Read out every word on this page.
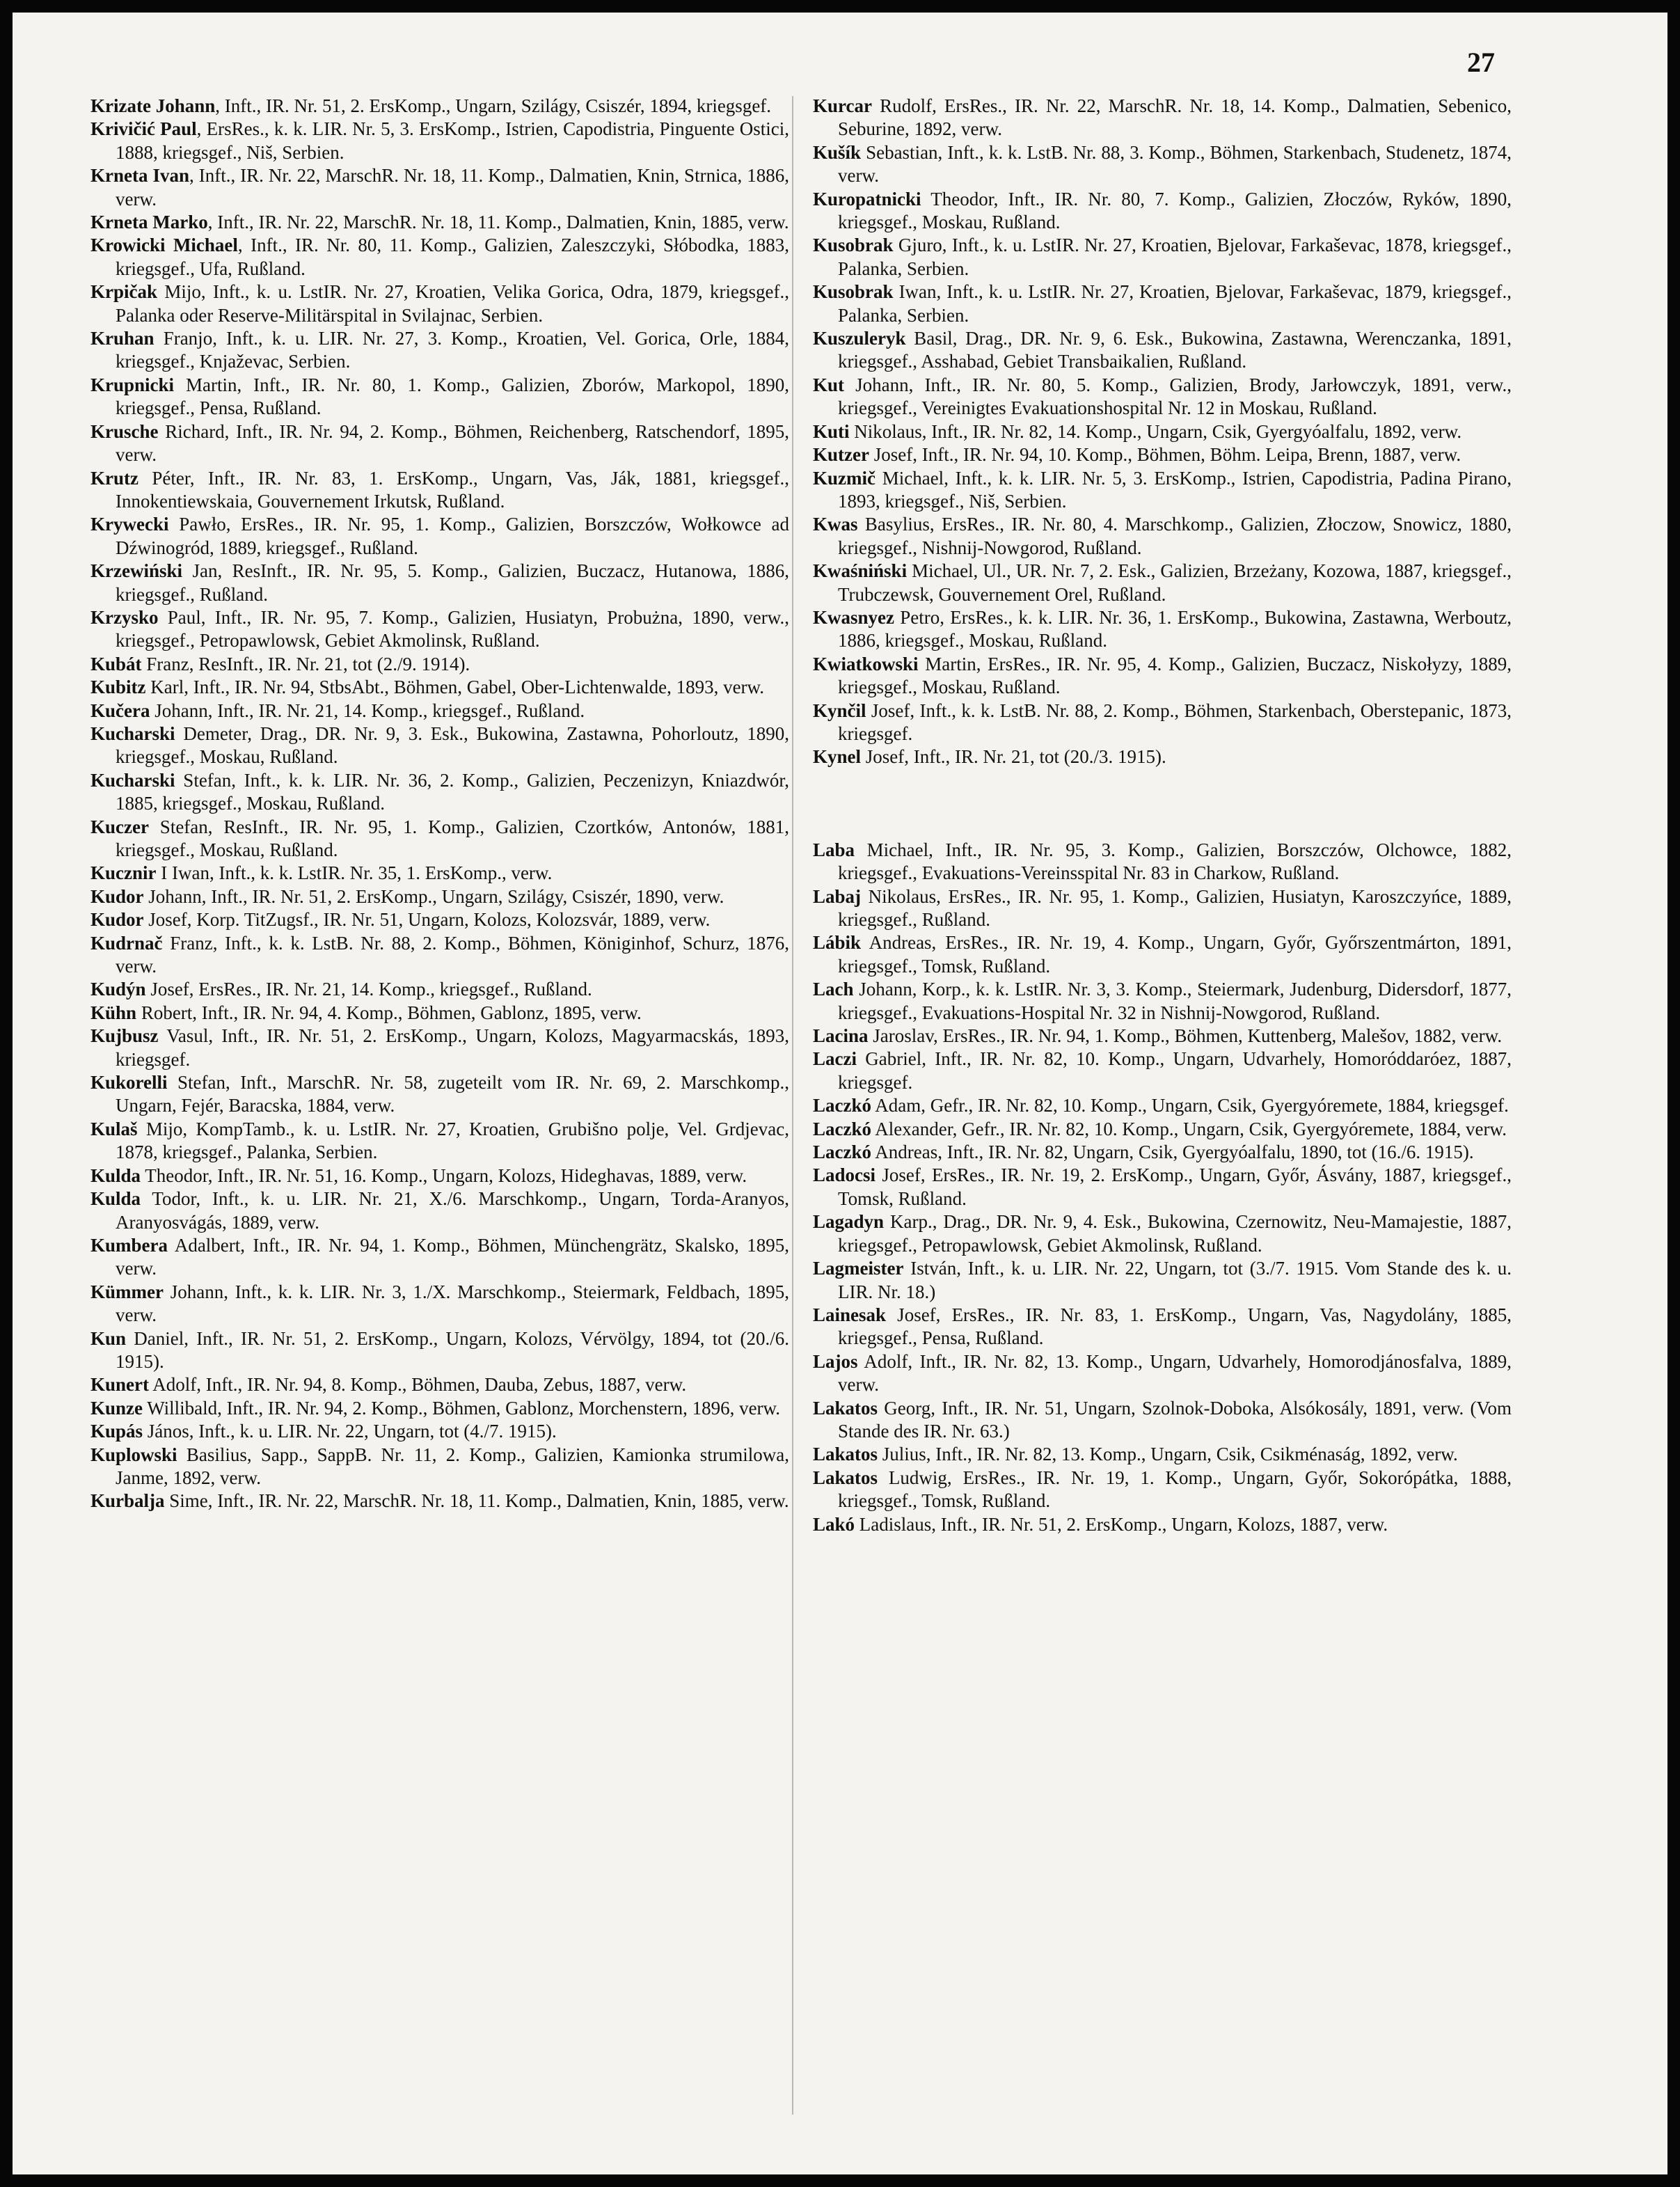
27

Krizate Johann, Inft., IR. Nr. 51, 2. ErsKomp., Ungarn, Szilágy, Csiszér, 1894, kriegsgef.

Krivičić Paul, ErsRes., k. k. LIR. Nr. 5, 3. ErsKomp., Istrien, Capodistria, Pinguente Ostici, 1888, kriegsgef., Niš, Serbien.

Krneta Ivan, Inft., IR. Nr. 22, MarschR. Nr. 18, 11. Komp., Dalmatien, Knin, Strnica, 1886, verw.

Krneta Marko, Inft., IR. Nr. 22, MarschR. Nr. 18, 11. Komp., Dalmatien, Knin, 1885, verw.

Krowicki Michael, Inft., IR. Nr. 80, 11. Komp., Galizien, Zaleszczyki, Słóbodka, 1883, kriegsgef., Ufa, Rußland.

Krpičak Mijo, Inft., k. u. LstIR. Nr. 27, Kroatien, Velika Gorica, Odra, 1879, kriegsgef., Palanka oder Reserve-Militärspital in Svilajnac, Serbien.

Kruhan Franjo, Inft., k. u. LIR. Nr. 27, 3. Komp., Kroatien, Vel. Gorica, Orle, 1884, kriegsgef., Knjaževac, Serbien.

Krupnicki Martin, Inft., IR. Nr. 80, 1. Komp., Galizien, Zborów, Markopol, 1890, kriegsgef., Pensa, Rußland.

Krusche Richard, Inft., IR. Nr. 94, 2. Komp., Böhmen, Reichenberg, Ratschendorf, 1895, verw.

Krutz Péter, Inft., IR. Nr. 83, 1. ErsKomp., Ungarn, Vas, Ják, 1881, kriegsgef., Innokentiewskaia, Gouvernement Irkutsk, Rußland.

Krywecki Pawło, ErsRes., IR. Nr. 95, 1. Komp., Galizien, Borszczów, Wołkowce ad Dźwinogród, 1889, kriegsgef., Rußland.

Krzewiński Jan, ResInft., IR. Nr. 95, 5. Komp., Galizien, Buczacz, Hutanowa, 1886, kriegsgef., Rußland.

Krzysko Paul, Inft., IR. Nr. 95, 7. Komp., Galizien, Husiatyn, Probużna, 1890, verw., kriegsgef., Petropawlowsk, Gebiet Akmolinsk, Rußland.

Kubát Franz, ResInft., IR. Nr. 21, tot (2./9. 1914).

Kubitz Karl, Inft., IR. Nr. 94, StbsAbt., Böhmen, Gabel, Ober-Lichtenwalde, 1893, verw.

Kučera Johann, Inft., IR. Nr. 21, 14. Komp., kriegsgef., Rußland.

Kucharski Demeter, Drag., DR. Nr. 9, 3. Esk., Bukowina, Zastawna, Pohorloutz, 1890, kriegsgef., Moskau, Rußland.

Kucharski Stefan, Inft., k. k. LIR. Nr. 36, 2. Komp., Galizien, Peczenizyn, Kniazdwór, 1885, kriegsgef., Moskau, Rußland.

Kuczer Stefan, ResInft., IR. Nr. 95, 1. Komp., Galizien, Czortków, Antonów, 1881, kriegsgef., Moskau, Rußland.

Kucznir I Iwan, Inft., k. k. LstIR. Nr. 35, 1. ErsKomp., verw.

Kudor Johann, Inft., IR. Nr. 51, 2. ErsKomp., Ungarn, Szilágy, Csiszér, 1890, verw.

Kudor Josef, Korp. TitZugsf., IR. Nr. 51, Ungarn, Kolozs, Kolozsvár, 1889, verw.

Kudrnač Franz, Inft., k. k. LstB. Nr. 88, 2. Komp., Böhmen, Königinhof, Schurz, 1876, verw.

Kudýn Josef, ErsRes., IR. Nr. 21, 14. Komp., kriegsgef., Rußland.

Kühn Robert, Inft., IR. Nr. 94, 4. Komp., Böhmen, Gablonz, 1895, verw.

Kujbusz Vasul, Inft., IR. Nr. 51, 2. ErsKomp., Ungarn, Kolozs, Magyarmacskás, 1893, kriegsgef.

Kukorelli Stefan, Inft., MarschR. Nr. 58, zugeteilt vom IR. Nr. 69, 2. Marschkomp., Ungarn, Fejér, Baracska, 1884, verw.

Kulaš Mijo, KompTamb., k. u. LstIR. Nr. 27, Kroatien, Grubišno polje, Vel. Grdjevac, 1878, kriegsgef., Palanka, Serbien.

Kulda Theodor, Inft., IR. Nr. 51, 16. Komp., Ungarn, Kolozs, Hideghavas, 1889, verw.

Kulda Todor, Inft., k. u. LIR. Nr. 21, X./6. Marschkomp., Ungarn, Torda-Aranyos, Aranyosvágás, 1889, verw.

Kumbera Adalbert, Inft., IR. Nr. 94, 1. Komp., Böhmen, Münchengrätz, Skalsko, 1895, verw.

Kümmer Johann, Inft., k. k. LIR. Nr. 3, 1./X. Marschkomp., Steiermark, Feldbach, 1895, verw.

Kun Daniel, Inft., IR. Nr. 51, 2. ErsKomp., Ungarn, Kolozs, Vérvölgy, 1894, tot (20./6. 1915).

Kunert Adolf, Inft., IR. Nr. 94, 8. Komp., Böhmen, Dauba, Zebus, 1887, verw.

Kunze Willibald, Inft., IR. Nr. 94, 2. Komp., Böhmen, Gablonz, Morchenstern, 1896, verw.

Kupás János, Inft., k. u. LIR. Nr. 22, Ungarn, tot (4./7. 1915).

Kuplowski Basilius, Sapp., SappB. Nr. 11, 2. Komp., Galizien, Kamionka strumilowa, Janme, 1892, verw.

Kurbalja Sime, Inft., IR. Nr. 22, MarschR. Nr. 18, 11. Komp., Dalmatien, Knin, 1885, verw.

Kurcar Rudolf, ErsRes., IR. Nr. 22, MarschR. Nr. 18, 14. Komp., Dalmatien, Sebenico, Seburine, 1892, verw.

Kušík Sebastian, Inft., k. k. LstB. Nr. 88, 3. Komp., Böhmen, Starkenbach, Studenetz, 1874, verw.

Kuropatnicki Theodor, Inft., IR. Nr. 80, 7. Komp., Galizien, Złoczów, Ryków, 1890, kriegsgef., Moskau, Rußland.

Kusobrak Gjuro, Inft., k. u. LstIR. Nr. 27, Kroatien, Bjelovar, Farkaševac, 1878, kriegsgef., Palanka, Serbien.

Kusobrak Iwan, Inft., k. u. LstIR. Nr. 27, Kroatien, Bjelovar, Farkaševac, 1879, kriegsgef., Palanka, Serbien.

Kuszuleryk Basil, Drag., DR. Nr. 9, 6. Esk., Bukowina, Zastawna, Werenczanka, 1891, kriegsgef., Asshabad, Gebiet Transbaikalien, Rußland.

Kut Johann, Inft., IR. Nr. 80, 5. Komp., Galizien, Brody, Jarłowczyk, 1891, verw., kriegsgef., Vereinigtes Evakuationshospital Nr. 12 in Moskau, Rußland.

Kuti Nikolaus, Inft., IR. Nr. 82, 14. Komp., Ungarn, Csik, Gyergyóalfalu, 1892, verw.

Kutzer Josef, Inft., IR. Nr. 94, 10. Komp., Böhmen, Böhm. Leipa, Brenn, 1887, verw.

Kuzmič Michael, Inft., k. k. LIR. Nr. 5, 3. ErsKomp., Istrien, Capodistria, Padina Pirano, 1893, kriegsgef., Niš, Serbien.

Kwas Basylius, ErsRes., IR. Nr. 80, 4. Marschkomp., Galizien, Złoczow, Snowicz, 1880, kriegsgef., Nishnij-Nowgorod, Rußland.

Kwaśniński Michael, Ul., UR. Nr. 7, 2. Esk., Galizien, Brzeżany, Kozowa, 1887, kriegsgef., Trubczewsk, Gouvernement Orel, Rußland.

Kwasnyez Petro, ErsRes., k. k. LIR. Nr. 36, 1. ErsKomp., Bukowina, Zastawna, Werboutz, 1886, kriegsgef., Moskau, Rußland.

Kwiatkowski Martin, ErsRes., IR. Nr. 95, 4. Komp., Galizien, Buczacz, Niskołyzy, 1889, kriegsgef., Moskau, Rußland.

Kynčil Josef, Inft., k. k. LstB. Nr. 88, 2. Komp., Böhmen, Starkenbach, Oberstepanic, 1873, kriegsgef.

Kynel Josef, Inft., IR. Nr. 21, tot (20./3. 1915).

Laba Michael, Inft., IR. Nr. 95, 3. Komp., Galizien, Borszczów, Olchowce, 1882, kriegsgef., Evakuations-Vereinsspital Nr. 83 in Charkow, Rußland.

Labaj Nikolaus, ErsRes., IR. Nr. 95, 1. Komp., Galizien, Husiatyn, Karoszczyńce, 1889, kriegsgef., Rußland.

Lábik Andreas, ErsRes., IR. Nr. 19, 4. Komp., Ungarn, Győr, Győrszentmárton, 1891, kriegsgef., Tomsk, Rußland.

Lach Johann, Korp., k. k. LstIR. Nr. 3, 3. Komp., Steiermark, Judenburg, Didersdorf, 1877, kriegsgef., Evakuations-Hospital Nr. 32 in Nishnij-Nowgorod, Rußland.

Lacina Jaroslav, ErsRes., IR. Nr. 94, 1. Komp., Böhmen, Kuttenberg, Malešov, 1882, verw.

Laczi Gabriel, Inft., IR. Nr. 82, 10. Komp., Ungarn, Udvarhely, Homoróddaróez, 1887, kriegsgef.

Laczkó Adam, Gefr., IR. Nr. 82, 10. Komp., Ungarn, Csik, Gyergyóremete, 1884, kriegsgef.

Laczkó Alexander, Gefr., IR. Nr. 82, 10. Komp., Ungarn, Csik, Gyergyóremete, 1884, verw.

Laczkó Andreas, Inft., IR. Nr. 82, Ungarn, Csik, Gyergyóalfalu, 1890, tot (16./6. 1915).

Ladocsi Josef, ErsRes., IR. Nr. 19, 2. ErsKomp., Ungarn, Győr, Ásvány, 1887, kriegsgef., Tomsk, Rußland.

Lagadyn Karp., Drag., DR. Nr. 9, 4. Esk., Bukowina, Czernowitz, Neu-Mamajestie, 1887, kriegsgef., Petropawlowsk, Gebiet Akmolinsk, Rußland.

Lagmeister István, Inft., k. u. LIR. Nr. 22, Ungarn, tot (3./7. 1915. Vom Stande des k. u. LIR. Nr. 18.)

Lainesak Josef, ErsRes., IR. Nr. 83, 1. ErsKomp., Ungarn, Vas, Nagydolány, 1885, kriegsgef., Pensa, Rußland.

Lajos Adolf, Inft., IR. Nr. 82, 13. Komp., Ungarn, Udvarhely, Homorodjánosfalva, 1889, verw.

Lakatos Georg, Inft., IR. Nr. 51, Ungarn, Szolnok-Doboka, Alsókosály, 1891, verw. (Vom Stande des IR. Nr. 63.)

Lakatos Julius, Inft., IR. Nr. 82, 13. Komp., Ungarn, Csik, Csikménaság, 1892, verw.

Lakatos Ludwig, ErsRes., IR. Nr. 19, 1. Komp., Ungarn, Győr, Sokorópátka, 1888, kriegsgef., Tomsk, Rußland.

Lakó Ladislaus, Inft., IR. Nr. 51, 2. ErsKomp., Ungarn, Kolozs, 1887, verw.
